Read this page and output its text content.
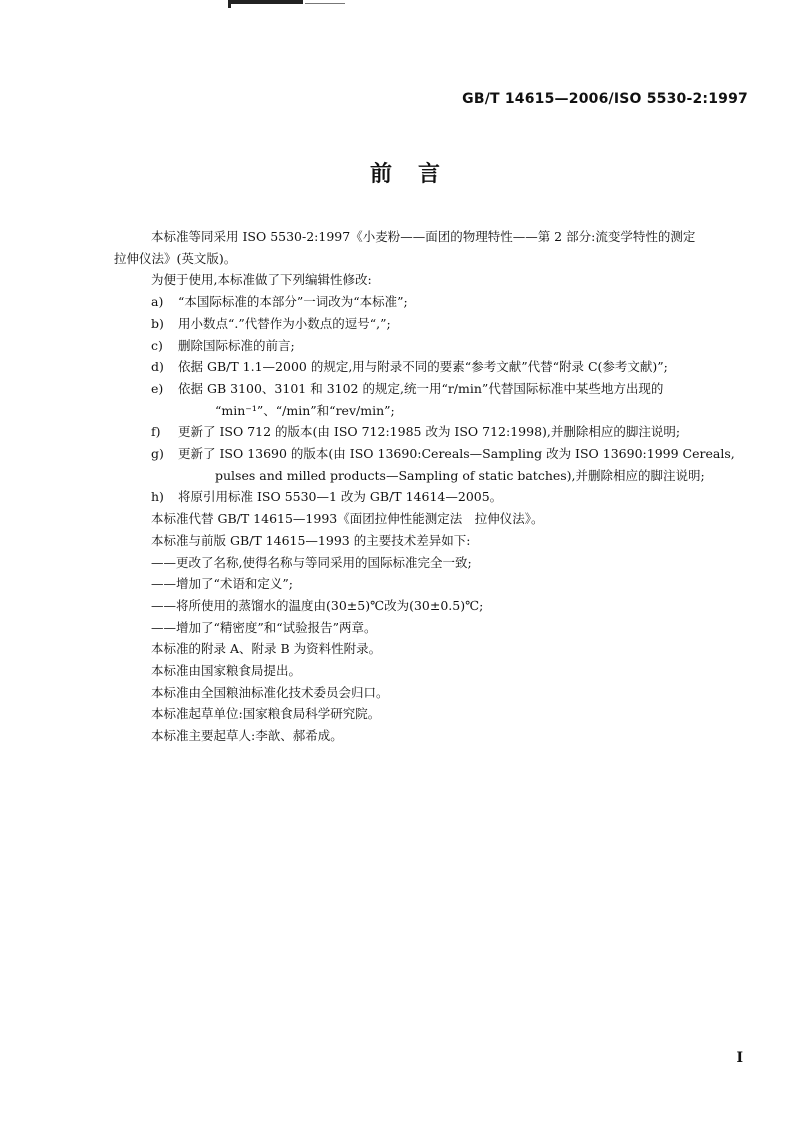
GB/T 14615—2006/ISO 5530-2:1997
前言

本标准等同采用 ISO 5530-2:1997《小麦粉——面团的物理特性——第 2 部分:流变学特性的测定

拉伸仪法》(英文版)。

为便于使用,本标准做了下列编辑性修改:

a) “本国际标准的本部分”一词改为“本标准”;

b) 用小数点“.”代替作为小数点的逗号“,”;

c) 删除国际标准的前言;

d) 依据 GB/T 1.1—2000 的规定,用与附录不同的要素“参考文献”代替“附录 C(参考文献)”;

e) 依据 GB 3100、3101 和 3102 的规定,统一用“r/min”代替国际标准中某些地方出现的

“min⁻¹”、“/min”和“rev/min”;

f) 更新了 ISO 712 的版本(由 ISO 712:1985 改为 ISO 712:1998),并删除相应的脚注说明;

g) 更新了 ISO 13690 的版本(由 ISO 13690:Cereals—Sampling 改为 ISO 13690:1999 Cereals,

pulses and milled products—Sampling of static batches),并删除相应的脚注说明;

h) 将原引用标准 ISO 5530—1 改为 GB/T 14614—2005。

本标准代替 GB/T 14615—1993《面团拉伸性能测定法　拉伸仪法》。

本标准与前版 GB/T 14615—1993 的主要技术差异如下:

——更改了名称,使得名称与等同采用的国际标准完全一致;

——增加了“术语和定义”;

——将所使用的蒸馏水的温度由(30±5)℃改为(30±0.5)℃;

——增加了“精密度”和“试验报告”两章。

本标准的附录 A、附录 B 为资料性附录。

本标准由国家粮食局提出。

本标准由全国粮油标准化技术委员会归口。

本标准起草单位:国家粮食局科学研究院。

本标准主要起草人:李歆、郝希成。

I
